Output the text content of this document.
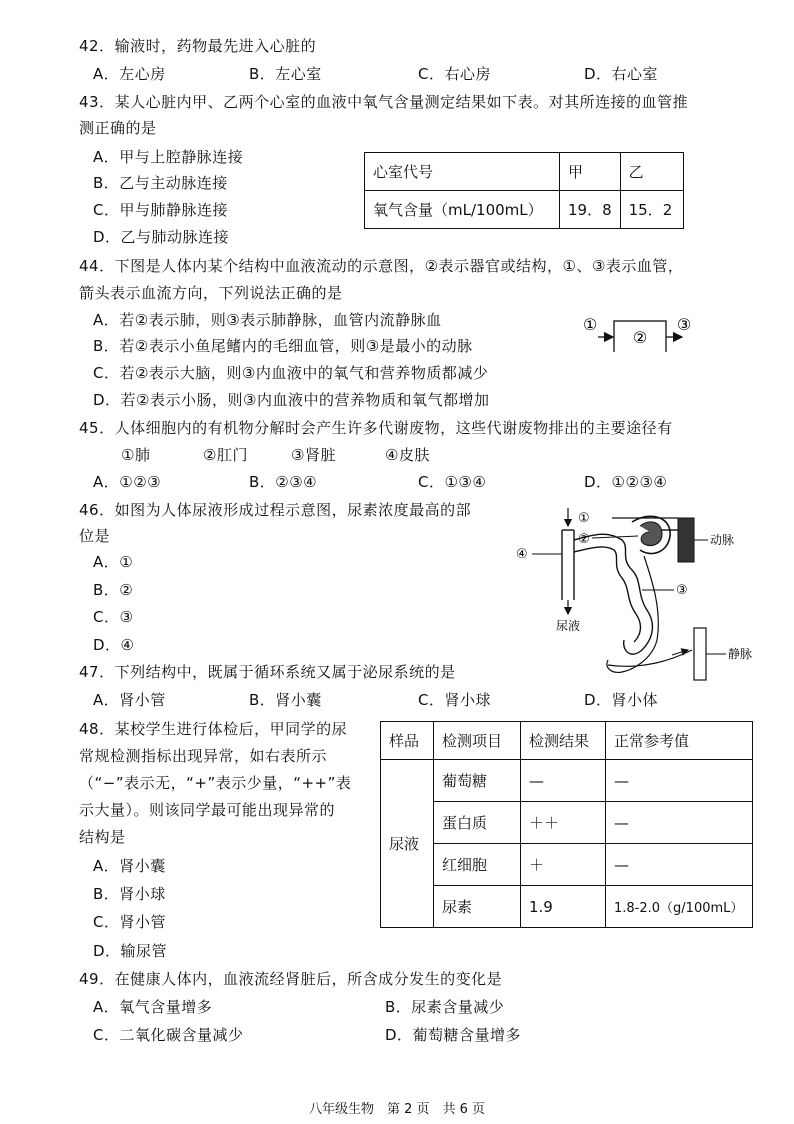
42．输液时，药物最先进入心脏的
A．左心房	B．左心室	C．右心房	D．右心室
43．某人心脏内甲、乙两个心室的血液中氧气含量测定结果如下表。对其所连接的血管推
测正确的是
A．甲与上腔静脉连接
B．乙与主动脉连接
C．甲与肺静脉连接
D．乙与肺动脉连接
心室代号	甲	乙
氧气含量（mL/100mL）	19．8	15．2
44．下图是人体内某个结构中血液流动的示意图，②表示器官或结构，①、③表示血管，
箭头表示血流方向，下列说法正确的是
A．若②表示肺，则③表示肺静脉，血管内流静脉血
B．若②表示小鱼尾鳍内的毛细血管，则③是最小的动脉
C．若②表示大脑，则③内血液中的氧气和营养物质都减少
D．若②表示小肠，则③内血液中的营养物质和氧气都增加
①
②
③
45．人体细胞内的有机物分解时会产生许多代谢废物，这些代谢废物排出的主要途径有
①肺	②肛门	③肾脏	④皮肤
A．①②③	B．②③④	C．①③④	D．①②③④
46．如图为人体尿液形成过程示意图，尿素浓度最高的部
位是
A．①
B．②
C．③
D．④
尿液
动脉
静脉
①
②
③
④
47．下列结构中，既属于循环系统又属于泌尿系统的是
A．肾小管	B．肾小囊	C．肾小球	D．肾小体
48．某校学生进行体检后，甲同学的尿
常规检测指标出现异常，如右表所示
（“−”表示无，“+”表示少量，“++”表
示大量）。则该同学最可能出现异常的
结构是
A．肾小囊
B．肾小球
C．肾小管
D．输尿管
样品	检测项目	检测结果	正常参考值
尿液	葡萄糖	—	—
	蛋白质	＋＋	—
	红细胞	＋	—
	尿素	1.9	1.8-2.0（g/100mL）
49．在健康人体内，血液流经肾脏后，所含成分发生的变化是
A．氧气含量增多	B．尿素含量减少
C．二氧化碳含量减少	D．葡萄糖含量增多
八年级生物　第 2 页　共 6 页
